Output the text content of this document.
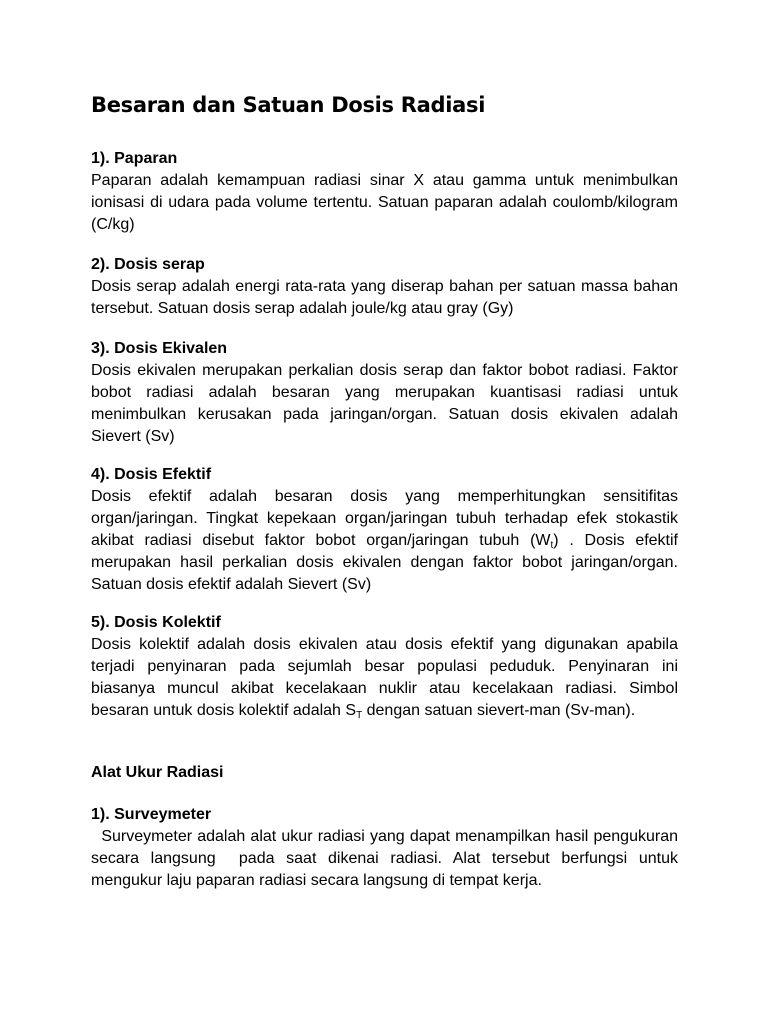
Besaran dan Satuan Dosis Radiasi

1). Paparan

Paparan adalah kemampuan radiasi sinar X atau gamma untuk menimbulkan ionisasi di udara pada volume tertentu. Satuan paparan adalah coulomb/kilogram (C/kg)

2). Dosis serap

Dosis serap adalah energi rata-rata yang diserap bahan per satuan massa bahan tersebut. Satuan dosis serap adalah joule/kg atau gray (Gy)

3). Dosis Ekivalen

Dosis ekivalen merupakan perkalian dosis serap dan faktor bobot radiasi. Faktor bobot radiasi adalah besaran yang merupakan kuantisasi radiasi untuk menimbulkan kerusakan pada jaringan/organ. Satuan dosis ekivalen adalah Sievert (Sv)

4). Dosis Efektif

Dosis efektif adalah besaran dosis yang memperhitungkan sensitifitas organ/jaringan. Tingkat kepekaan organ/jaringan tubuh terhadap efek stokastik akibat radiasi disebut faktor bobot organ/jaringan tubuh $(W_t)$ . Dosis efektif merupakan hasil perkalian dosis ekivalen dengan faktor bobot jaringan/organ. Satuan dosis efektif adalah Sievert (Sv)

5). Dosis Kolektif

Dosis kolektif adalah dosis ekivalen atau dosis efektif yang digunakan apabila terjadi penyinaran pada sejumlah besar populasi peduduk. Penyinaran ini biasanya muncul akibat kecelakaan nuklir atau kecelakaan radiasi. Simbol besaran untuk dosis kolektif adalah $S_T$ dengan satuan sievert-man (Sv-man).

Alat Ukur Radiasi

1). Surveymeter

Surveymeter adalah alat ukur radiasi yang dapat menampilkan hasil pengukuran secara langsung  pada saat dikenai radiasi. Alat tersebut berfungsi untuk mengukur laju paparan radiasi secara langsung di tempat kerja.
